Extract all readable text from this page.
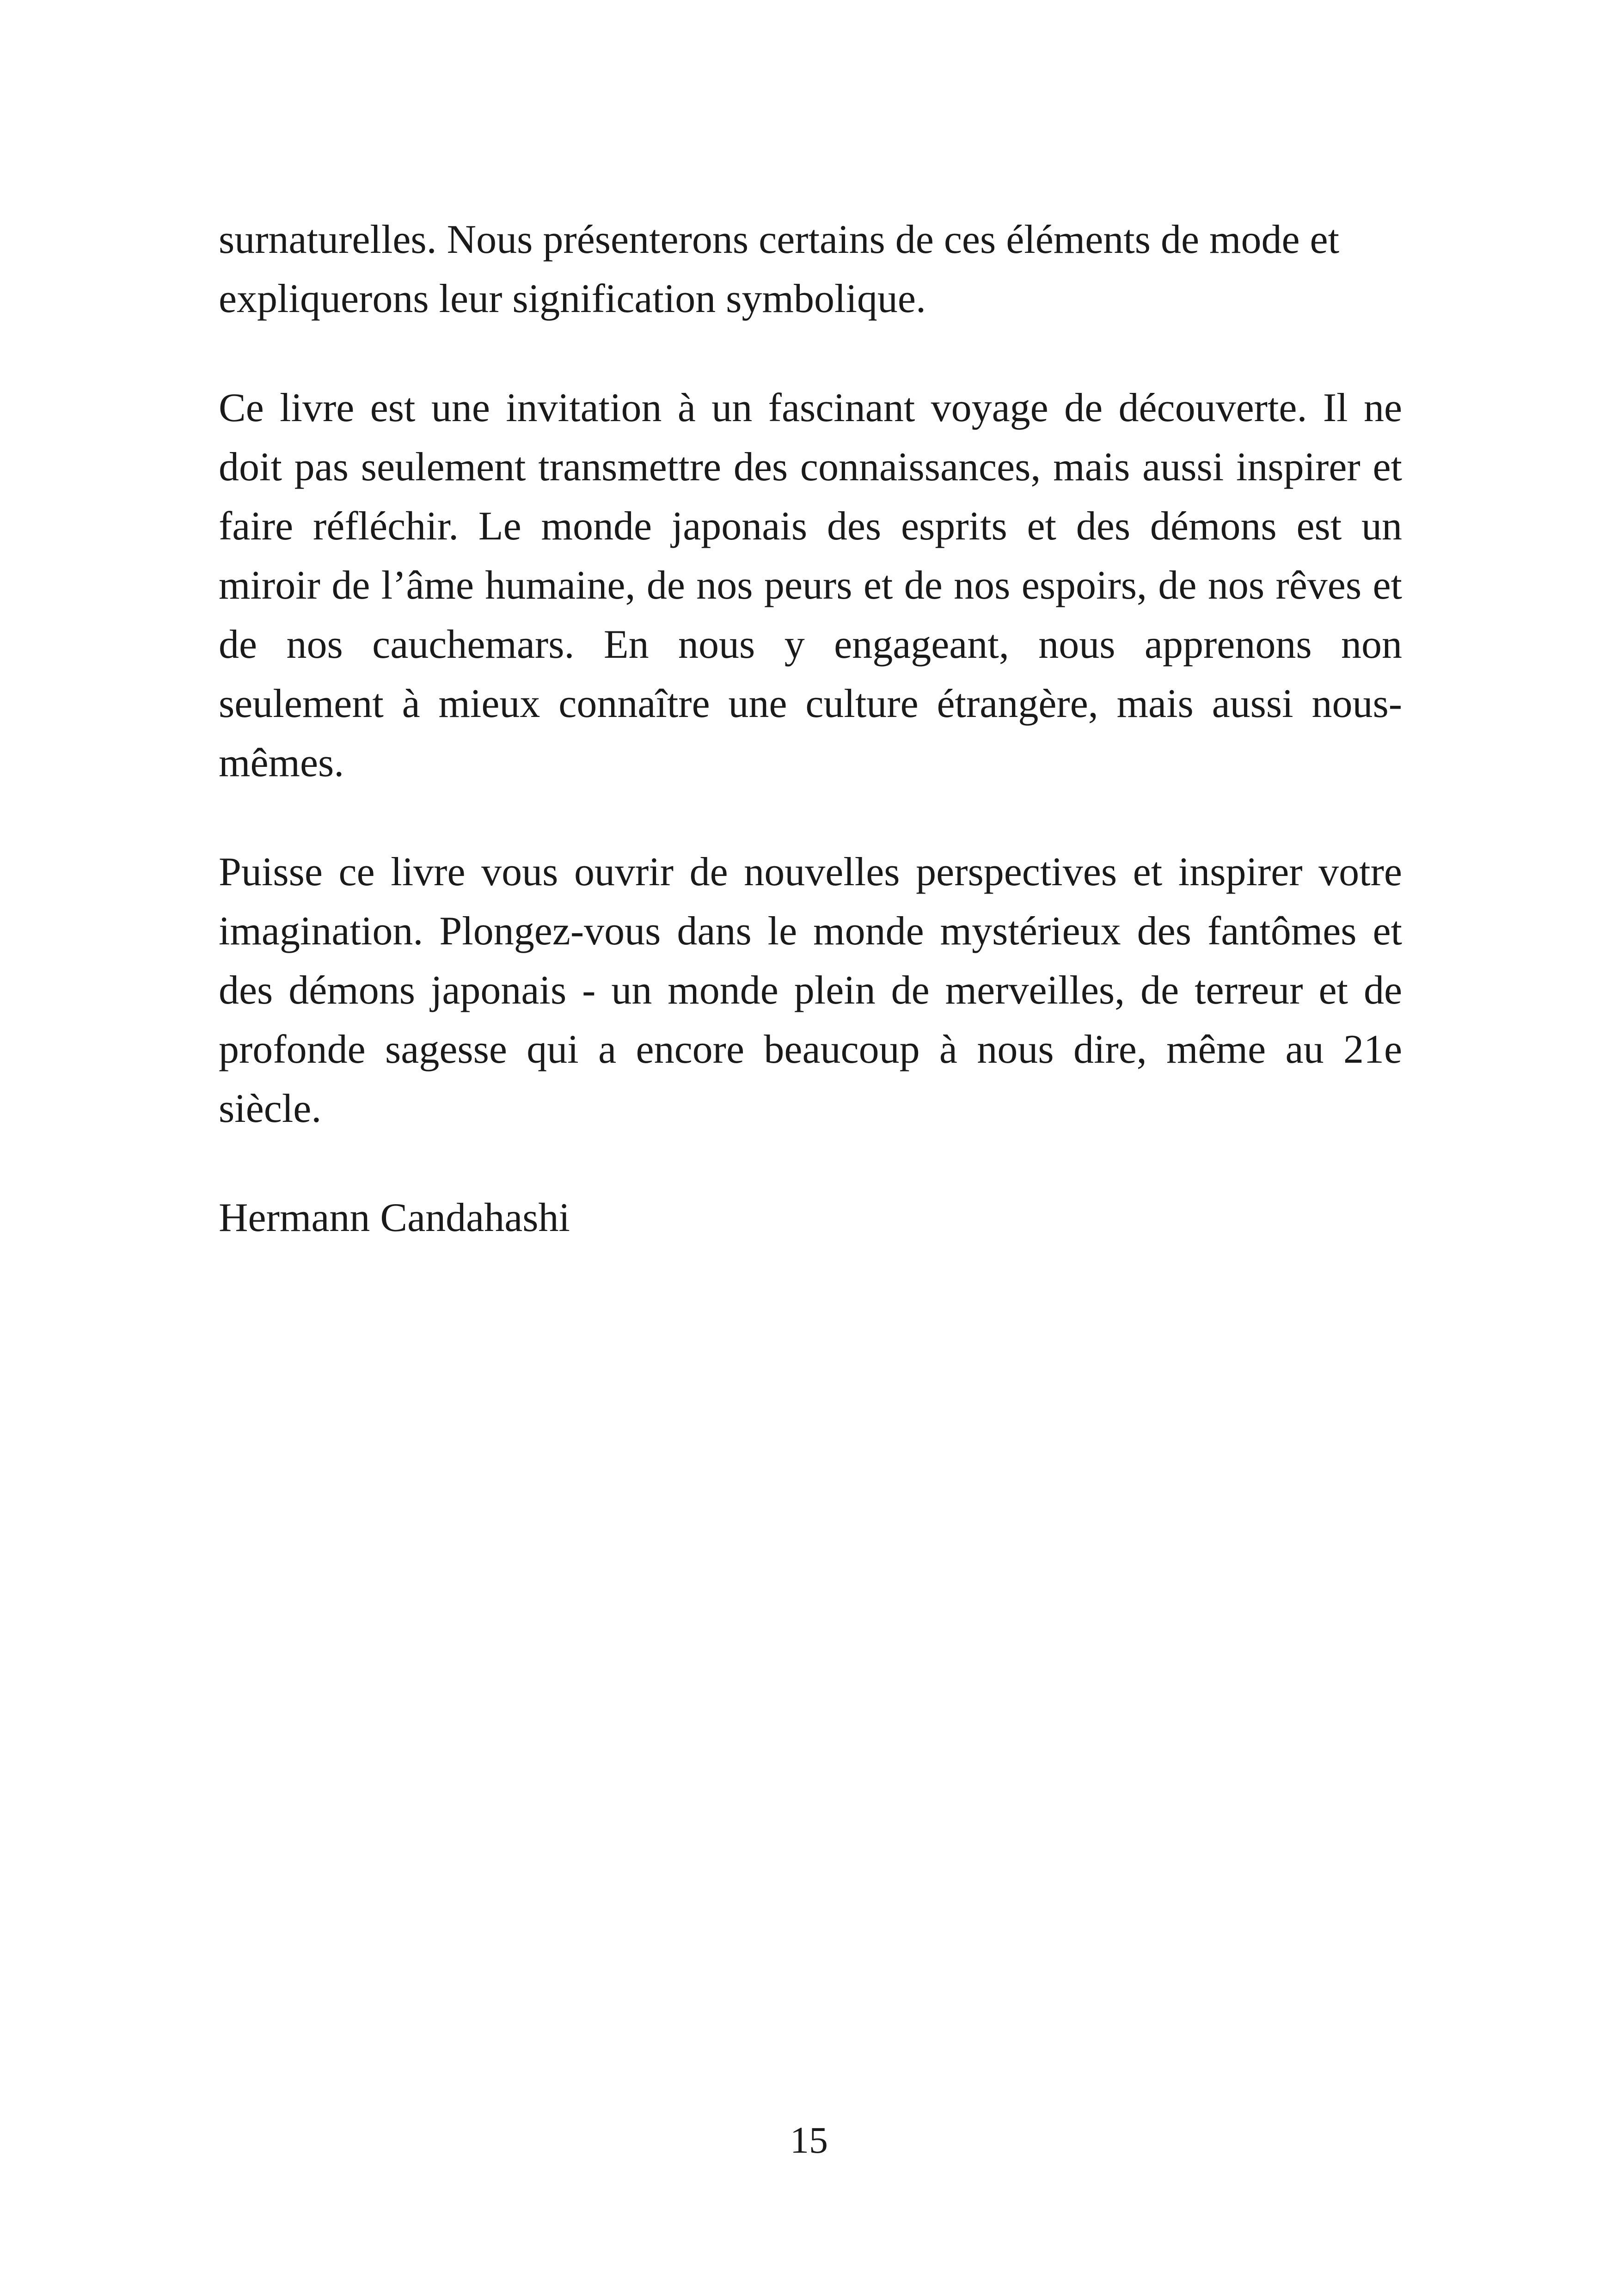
surnaturelles. Nous présenterons certains de ces éléments de mode et expliquerons leur signification symbolique.

Ce livre est une invitation à un fascinant voyage de découverte. Il ne doit pas seulement transmettre des connaissances, mais aussi inspirer et faire réfléchir. Le monde japonais des esprits et des démons est un miroir de l’âme humaine, de nos peurs et de nos espoirs, de nos rêves et de nos cauchemars. En nous y engageant, nous apprenons non seulement à mieux connaître une culture étrangère, mais aussi nous-mêmes.

Puisse ce livre vous ouvrir de nouvelles perspectives et inspirer votre imagination. Plongez-vous dans le monde mystérieux des fantômes et des démons japonais - un monde plein de merveilles, de terreur et de profonde sagesse qui a encore beaucoup à nous dire, même au 21e siècle.

Hermann Candahashi

15
